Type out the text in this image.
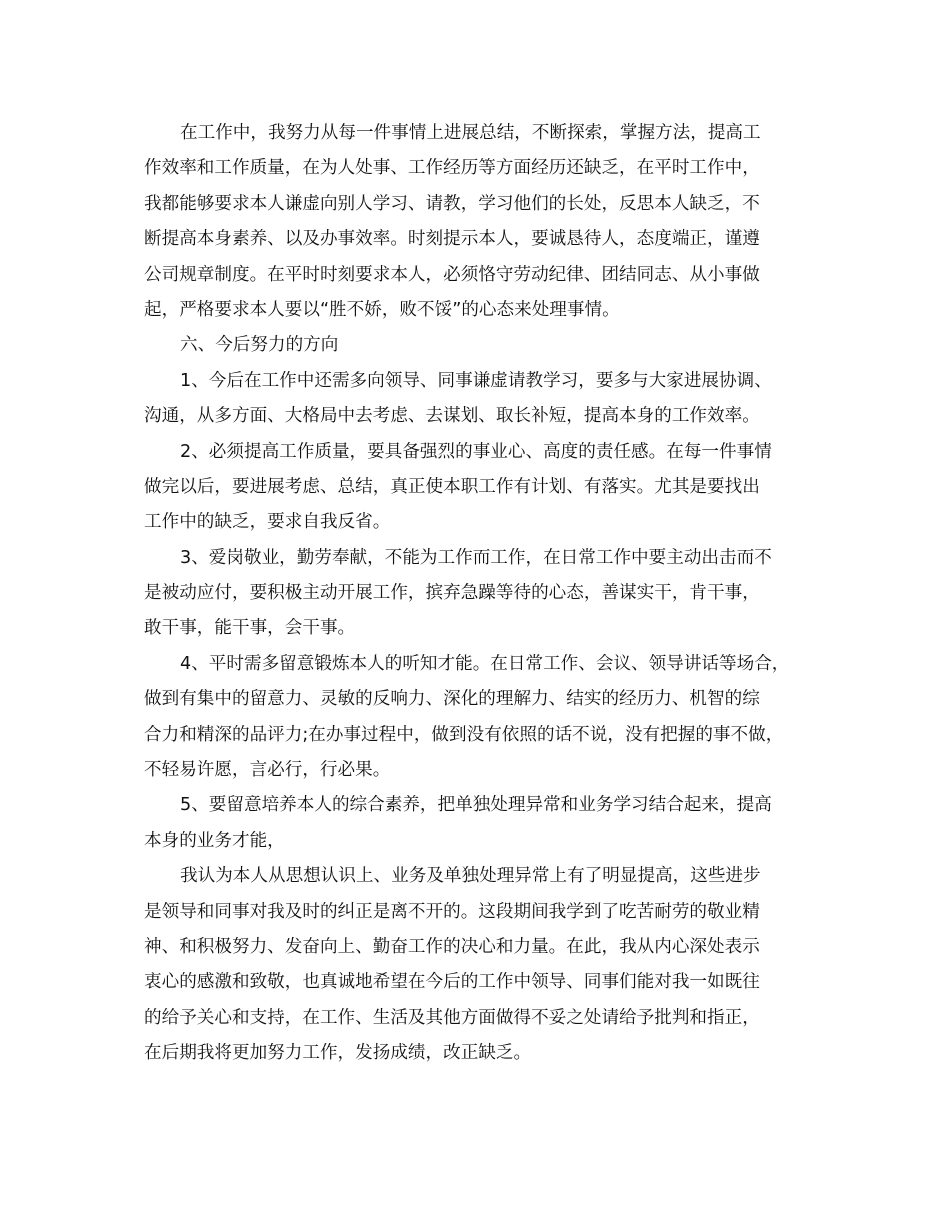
在工作中，我努力从每一件事情上进展总结，不断探索，掌握方法，提高工
作效率和工作质量，在为人处事、工作经历等方面经历还缺乏，在平时工作中，
我都能够要求本人谦虚向别人学习、请教，学习他们的长处，反思本人缺乏，不
断提高本身素养、以及办事效率。时刻提示本人，要诚恳待人，态度端正，谨遵
公司规章制度。在平时时刻要求本人，必须恪守劳动纪律、团结同志、从小事做
起，严格要求本人要以“胜不娇，败不馁”的心态来处理事情。
六、今后努力的方向
1、今后在工作中还需多向领导、同事谦虚请教学习，要多与大家进展协调、
沟通，从多方面、大格局中去考虑、去谋划、取长补短，提高本身的工作效率。
2、必须提高工作质量，要具备强烈的事业心、高度的责任感。在每一件事情
做完以后，要进展考虑、总结，真正使本职工作有计划、有落实。尤其是要找出
工作中的缺乏，要求自我反省。
3、爱岗敬业，勤劳奉献，不能为工作而工作，在日常工作中要主动出击而不
是被动应付，要积极主动开展工作，摈弃急躁等待的心态，善谋实干，肯干事，
敢干事，能干事，会干事。
4、平时需多留意锻炼本人的听知才能。在日常工作、会议、领导讲话等场合，
做到有集中的留意力、灵敏的反响力、深化的理解力、结实的经历力、机智的综
合力和精深的品评力;在办事过程中，做到没有依照的话不说，没有把握的事不做，
不轻易许愿，言必行，行必果。
5、要留意培养本人的综合素养，把单独处理异常和业务学习结合起来，提高
本身的业务才能，
我认为本人从思想认识上、业务及单独处理异常上有了明显提高，这些进步
是领导和同事对我及时的纠正是离不开的。这段期间我学到了吃苦耐劳的敬业精
神、和积极努力、发奋向上、勤奋工作的决心和力量。在此，我从内心深处表示
衷心的感激和致敬，也真诚地希望在今后的工作中领导、同事们能对我一如既往
的给予关心和支持，在工作、生活及其他方面做得不妥之处请给予批判和指正，
在后期我将更加努力工作，发扬成绩，改正缺乏。
